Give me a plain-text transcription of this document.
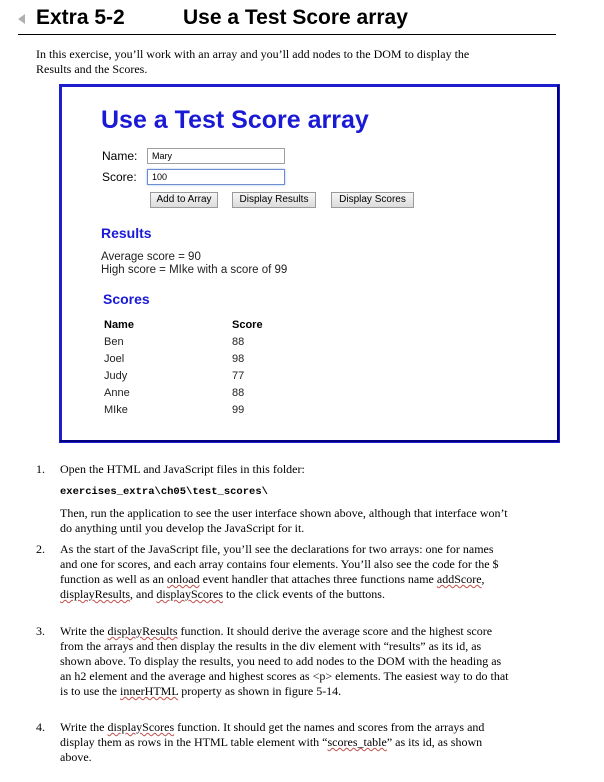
Extra 5-2	Use a Test Score array
In this exercise, you’ll work with an array and you’ll add nodes to the DOM to display the Results and the Scores.
Use a Test Score array
Name:	Mary
Score:	100
Add to Array	Display Results	Display Scores
Results
Average score = 90
High score = MIke with a score of 99
Scores
Name	Score
Ben	88
Joel	98
Judy	77
Anne	88
MIke	99
1. Open the HTML and JavaScript files in this folder:
exercises_extra\ch05\test_scores\
Then, run the application to see the user interface shown above, although that interface won’t do anything until you develop the JavaScript for it.
2. As the start of the JavaScript file, you’ll see the declarations for two arrays: one for names and one for scores, and each array contains four elements. You’ll also see the code for the $ function as well as an onload event handler that attaches three functions name addScore, displayResults, and displayScores to the click events of the buttons.
3. Write the displayResults function. It should derive the average score and the highest score from the arrays and then display the results in the div element with “results” as its id, as shown above. To display the results, you need to add nodes to the DOM with the heading as an h2 element and the average and highest scores as <p> elements. The easiest way to do that is to use the innerHTML property as shown in figure 5-14.
4. Write the displayScores function. It should get the names and scores from the arrays and display them as rows in the HTML table element with “scores_table” as its id, as shown above.
